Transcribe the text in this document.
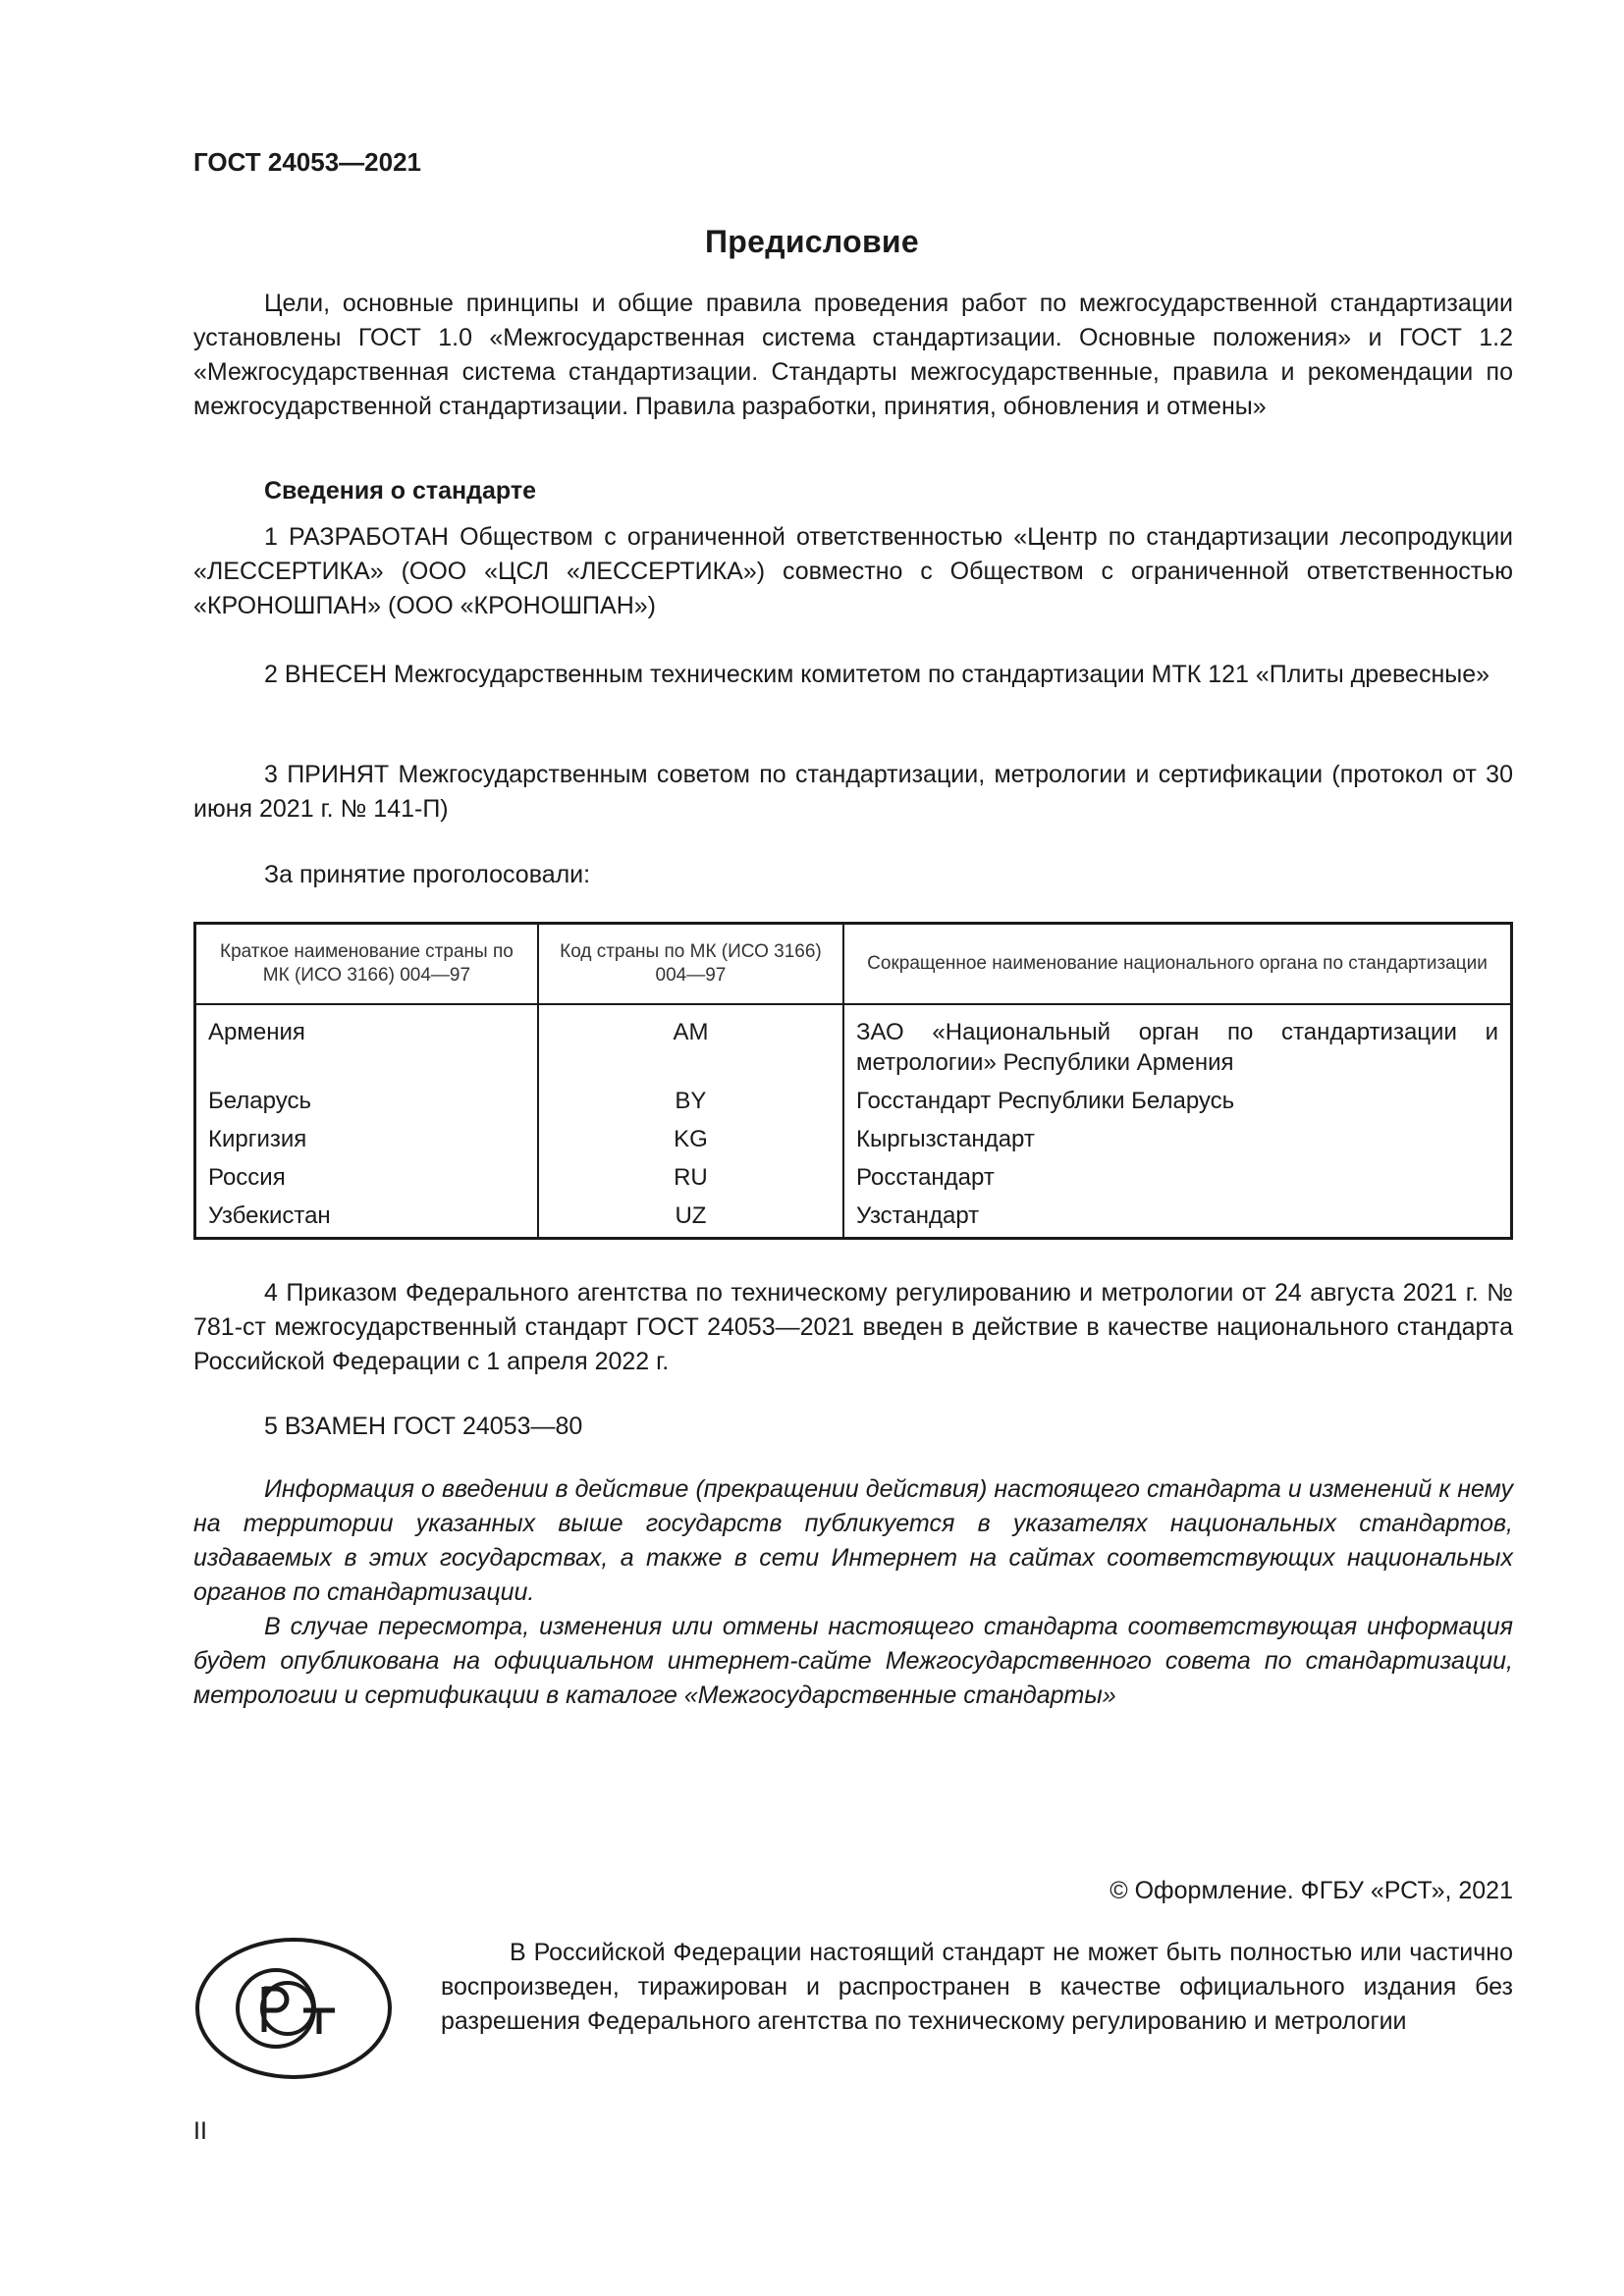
ГОСТ 24053—2021
Предисловие

Цели, основные принципы и общие правила проведения работ по межгосударственной стандартизации установлены ГОСТ 1.0 «Межгосударственная система стандартизации. Основные положения» и ГОСТ 1.2 «Межгосударственная система стандартизации. Стандарты межгосударственные, правила и рекомендации по межгосударственной стандартизации. Правила разработки, принятия, обновления и отмены»

Сведения о стандарте

1 РАЗРАБОТАН Обществом с ограниченной ответственностью «Центр по стандартизации лесопродукции «ЛЕССЕРТИКА» (ООО «ЦСЛ «ЛЕССЕРТИКА») совместно с Обществом с ограниченной ответственностью «КРОНОШПАН» (ООО «КРОНОШПАН»)

2 ВНЕСЕН Межгосударственным техническим комитетом по стандартизации МТК 121 «Плиты древесные»

3 ПРИНЯТ Межгосударственным советом по стандартизации, метрологии и сертификации (протокол от 30 июня 2021 г. № 141-П)

За принятие проголосовали:

Краткое наименование страны по МК (ИСО 3166) 004—97	Код страны по МК (ИСО 3166) 004—97	Сокращенное наименование национального органа по стандартизации
Армения	AM	ЗАО «Национальный орган по стандартизации и метрологии» Республики Армения
Беларусь	BY	Госстандарт Республики Беларусь
Киргизия	KG	Кыргызстандарт
Россия	RU	Росстандарт
Узбекистан	UZ	Узстандарт

4 Приказом Федерального агентства по техническому регулированию и метрологии от 24 августа 2021 г. № 781-ст межгосударственный стандарт ГОСТ 24053—2021 введен в действие в качестве национального стандарта Российской Федерации с 1 апреля 2022 г.

5 ВЗАМЕН ГОСТ 24053—80

Информация о введении в действие (прекращении действия) настоящего стандарта и изменений к нему на территории указанных выше государств публикуется в указателях национальных стандартов, издаваемых в этих государствах, а также в сети Интернет на сайтах соответствующих национальных органов по стандартизации.

В случае пересмотра, изменения или отмены настоящего стандарта соответствующая информация будет опубликована на официальном интернет-сайте Межгосударственного совета по стандартизации, метрологии и сертификации в каталоге «Межгосударственные стандарты»

© Оформление. ФГБУ «РСТ», 2021

В Российской Федерации настоящий стандарт не может быть полностью или частично воспроизведен, тиражирован и распространен в качестве официального издания без разрешения Федерального агентства по техническому регулированию и метрологии

II
